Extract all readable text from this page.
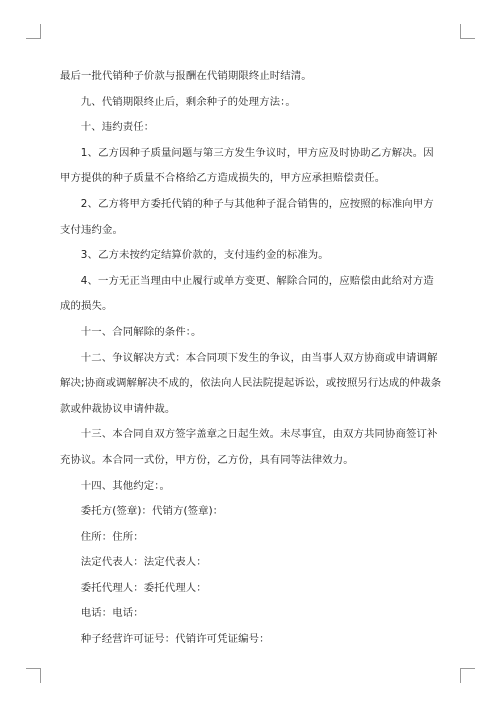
最后一批代销种子价款与报酬在代销期限终止时结清。

九、代销期限终止后，剩余种子的处理方法：。

十、违约责任：

1、乙方因种子质量问题与第三方发生争议时，甲方应及时协助乙方解决。因甲方提供的种子质量不合格给乙方造成损失的，甲方应承担赔偿责任。

2、乙方将甲方委托代销的种子与其他种子混合销售的，应按照的标准向甲方支付违约金。

3、乙方未按约定结算价款的，支付违约金的标准为。

4、一方无正当理由中止履行或单方变更、解除合同的，应赔偿由此给对方造成的损失。

十一、合同解除的条件：。

十二、争议解决方式：本合同项下发生的争议，由当事人双方协商或申请调解解决;协商或调解解决不成的，依法向人民法院提起诉讼，或按照另行达成的仲裁条款或仲裁协议申请仲裁。

十三、本合同自双方签字盖章之日起生效。未尽事宜，由双方共同协商签订补充协议。本合同一式份，甲方份，乙方份，具有同等法律效力。

十四、其他约定：。

委托方(签章)：代销方(签章)：

住所：住所：

法定代表人：法定代表人：

委托代理人：委托代理人：

电话：电话：

种子经营许可证号：代销许可凭证编号：
